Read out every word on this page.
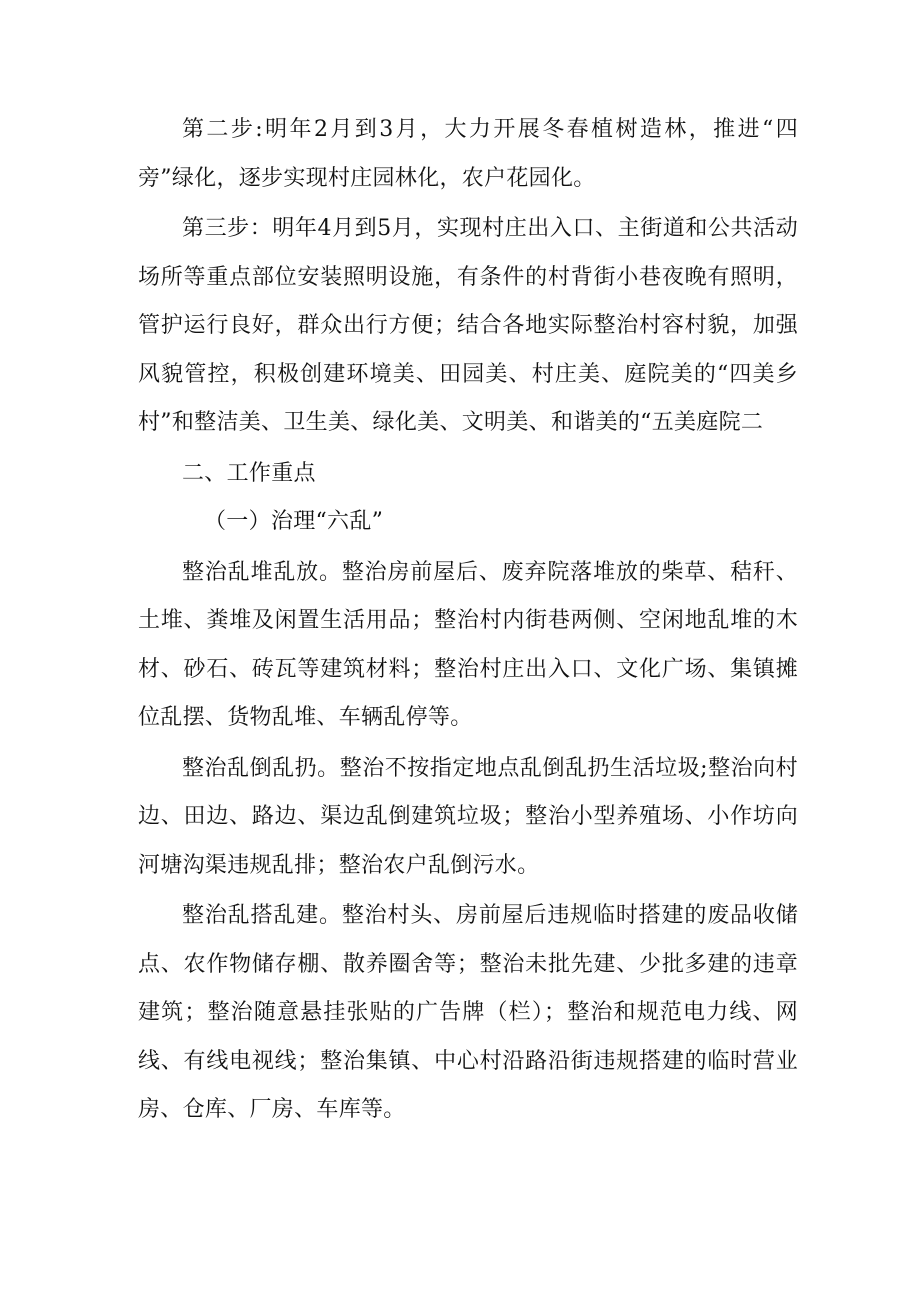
第二步:明年2月到3月，大力开展冬春植树造林，推进“四旁”绿化，逐步实现村庄园林化，农户花园化。

第三步：明年4月到5月，实现村庄出入口、主街道和公共活动场所等重点部位安装照明设施，有条件的村背街小巷夜晚有照明，管护运行良好，群众出行方便；结合各地实际整治村容村貌，加强风貌管控，积极创建环境美、田园美、村庄美、庭院美的“四美乡村”和整洁美、卫生美、绿化美、文明美、和谐美的“五美庭院二

二、工作重点

（一）治理“六乱”

整治乱堆乱放。整治房前屋后、废弃院落堆放的柴草、秸秆、土堆、粪堆及闲置生活用品；整治村内街巷两侧、空闲地乱堆的木材、砂石、砖瓦等建筑材料；整治村庄出入口、文化广场、集镇摊位乱摆、货物乱堆、车辆乱停等。

整治乱倒乱扔。整治不按指定地点乱倒乱扔生活垃圾;整治向村边、田边、路边、渠边乱倒建筑垃圾；整治小型养殖场、小作坊向河塘沟渠违规乱排；整治农户乱倒污水。

整治乱搭乱建。整治村头、房前屋后违规临时搭建的废品收储点、农作物储存棚、散养圈舍等；整治未批先建、少批多建的违章建筑；整治随意悬挂张贴的广告牌（栏）；整治和规范电力线、网线、有线电视线；整治集镇、中心村沿路沿街违规搭建的临时营业房、仓库、厂房、车库等。
